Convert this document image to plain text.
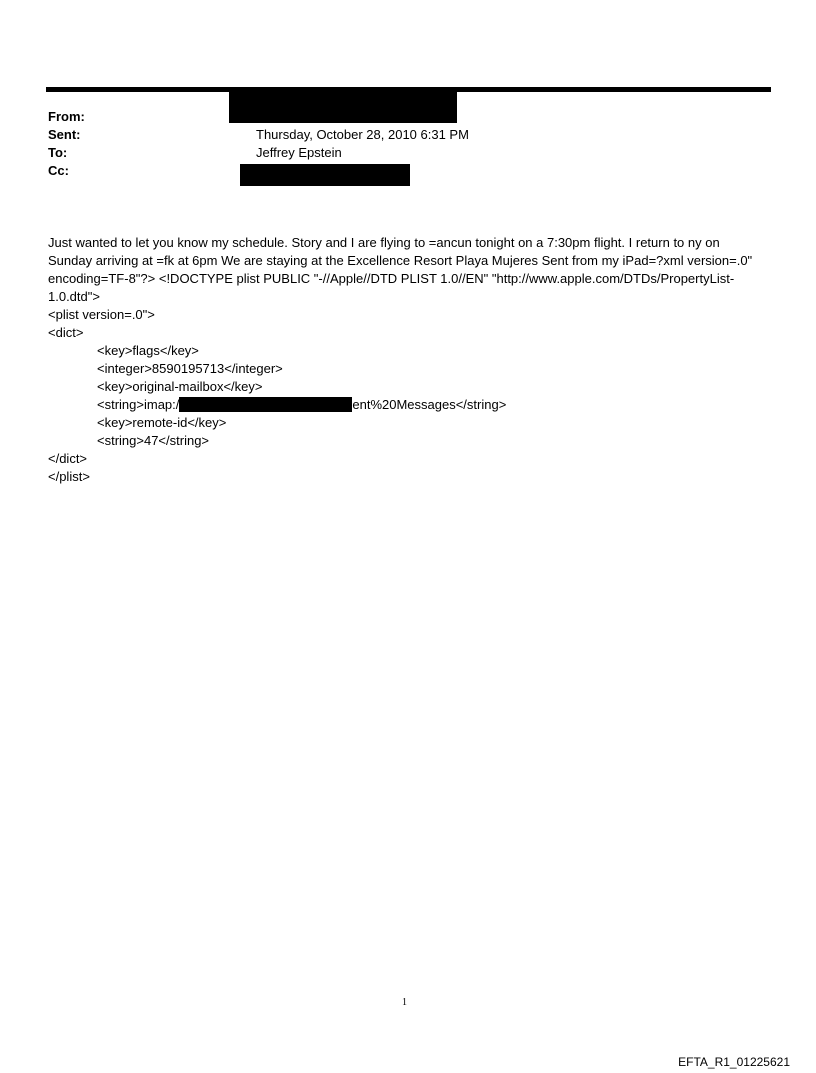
From:
Sent:	Thursday, October 28, 2010 6:31 PM
To:	Jeffrey Epstein
Cc:

Just wanted to let you know my schedule. Story and I are flying to =ancun tonight on a 7:30pm flight. I return to ny on

Sunday arriving at =fk at 6pm We are staying at the Excellence Resort Playa Mujeres Sent from my iPad=?xml version=.0"

encoding=TF-8"?> <!DOCTYPE plist PUBLIC "-//Apple//DTD PLIST 1.0//EN" "http://www.apple.com/DTDs/PropertyList-

1.0.dtd">

<plist version=.0">

<dict>

<key>flags</key>

<integer>8590195713</integer>

<key>original-mailbox</key>

<string>imap:/	ent%20Messages</string>

<key>remote-id</key>

<string>47</string>

</dict>

</plist>

1
EFTA_R1_01225621
